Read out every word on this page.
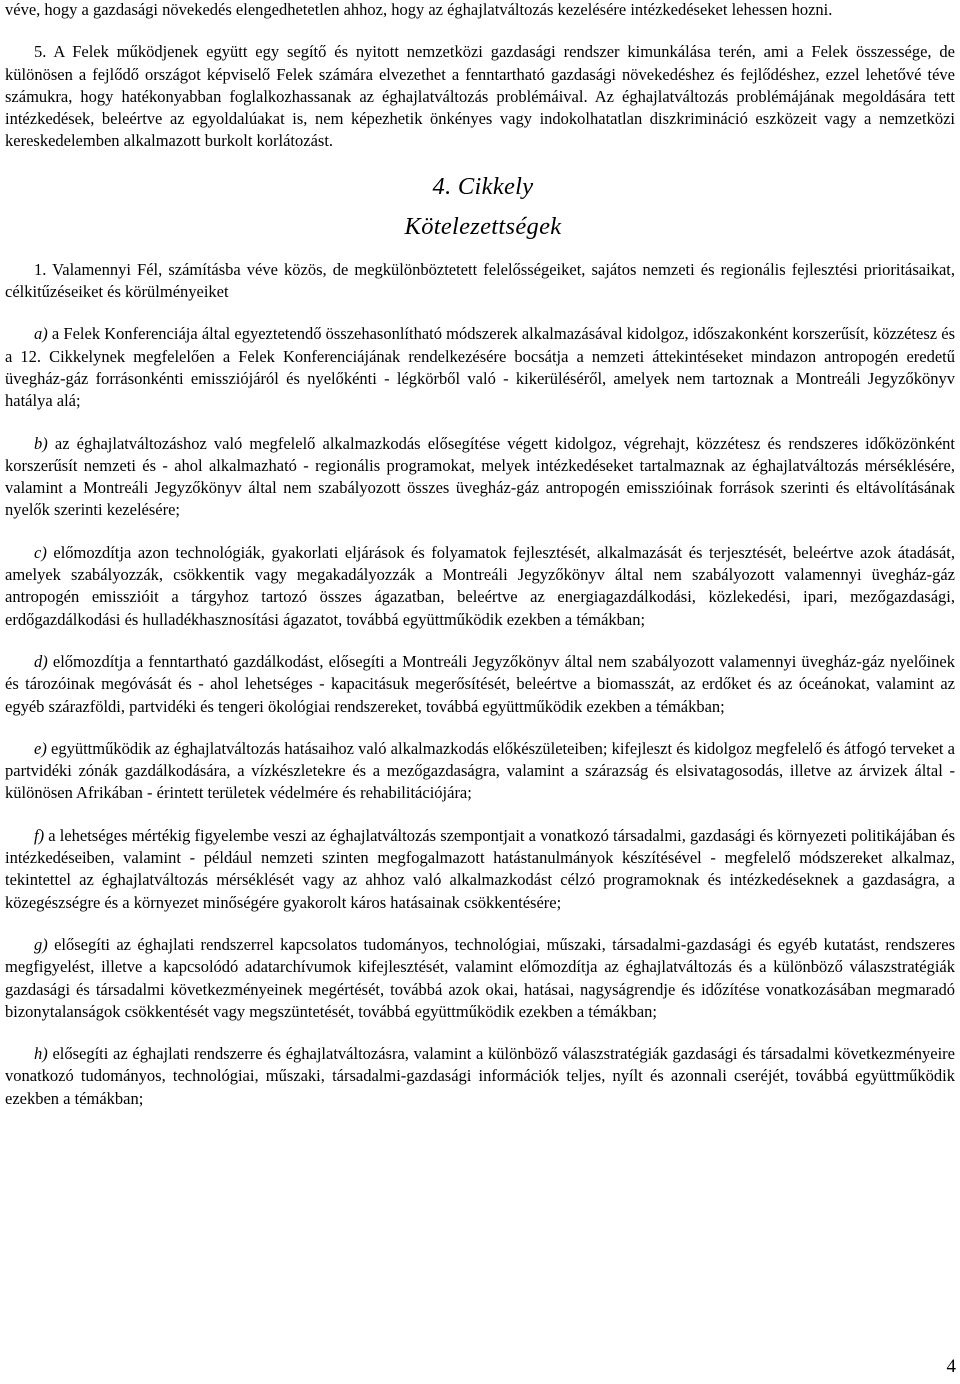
véve, hogy a gazdasági növekedés elengedhetetlen ahhoz, hogy az éghajlatváltozás kezelésére intézkedéseket lehessen hozni.

5. A Felek működjenek együtt egy segítő és nyitott nemzetközi gazdasági rendszer kimunkálása terén, ami a Felek összessége, de különösen a fejlődő országot képviselő Felek számára elvezethet a fenntartható gazdasági növekedéshez és fejlődéshez, ezzel lehetővé téve számukra, hogy hatékonyabban foglalkozhassanak az éghajlatváltozás problémáival. Az éghajlatváltozás problémájának megoldására tett intézkedések, beleértve az egyoldalúakat is, nem képezhetik önkényes vagy indokolhatatlan diszkrimináció eszközeit vagy a nemzetközi kereskedelemben alkalmazott burkolt korlátozást.

4. Cikkely
Kötelezettségek

1. Valamennyi Fél, számításba véve közös, de megkülönböztetett felelősségeiket, sajátos nemzeti és regionális fejlesztési prioritásaikat, célkitűzéseiket és körülményeiket

a) a Felek Konferenciája által egyeztetendő összehasonlítható módszerek alkalmazásával kidolgoz, időszakonként korszerűsít, közzétesz és a 12. Cikkelynek megfelelően a Felek Konferenciájának rendelkezésére bocsátja a nemzeti áttekintéseket mindazon antropogén eredetű üvegház-gáz forrásonkénti emissziójáról és nyelőkénti - légkörből való - kikerüléséről, amelyek nem tartoznak a Montreáli Jegyzőkönyv hatálya alá;

b) az éghajlatváltozáshoz való megfelelő alkalmazkodás elősegítése végett kidolgoz, végrehajt, közzétesz és rendszeres időközönként korszerűsít nemzeti és - ahol alkalmazható - regionális programokat, melyek intézkedéseket tartalmaznak az éghajlatváltozás mérséklésére, valamint a Montreáli Jegyzőkönyv által nem szabályozott összes üvegház-gáz antropogén emisszióinak források szerinti és eltávolításának nyelők szerinti kezelésére;

c) előmozdítja azon technológiák, gyakorlati eljárások és folyamatok fejlesztését, alkalmazását és terjesztését, beleértve azok átadását, amelyek szabályozzák, csökkentik vagy megakadályozzák a Montreáli Jegyzőkönyv által nem szabályozott valamennyi üvegház-gáz antropogén emisszióit a tárgyhoz tartozó összes ágazatban, beleértve az energiagazdálkodási, közlekedési, ipari, mezőgazdasági, erdőgazdálkodási és hulladékhasznosítási ágazatot, továbbá együttműködik ezekben a témákban;

d) előmozdítja a fenntartható gazdálkodást, elősegíti a Montreáli Jegyzőkönyv által nem szabályozott valamennyi üvegház-gáz nyelőinek és tározóinak megóvását és - ahol lehetséges - kapacitásuk megerősítését, beleértve a biomasszát, az erdőket és az óceánokat, valamint az egyéb szárazföldi, partvidéki és tengeri ökológiai rendszereket, továbbá együttműködik ezekben a témákban;

e) együttműködik az éghajlatváltozás hatásaihoz való alkalmazkodás előkészületeiben; kifejleszt és kidolgoz megfelelő és átfogó terveket a partvidéki zónák gazdálkodására, a vízkészletekre és a mezőgazdaságra, valamint a szárazság és elsivatagosodás, illetve az árvizek által - különösen Afrikában - érintett területek védelmére és rehabilitációjára;

f) a lehetséges mértékig figyelembe veszi az éghajlatváltozás szempontjait a vonatkozó társadalmi, gazdasági és környezeti politikájában és intézkedéseiben, valamint - például nemzeti szinten megfogalmazott hatástanulmányok készítésével - megfelelő módszereket alkalmaz, tekintettel az éghajlatváltozás mérséklését vagy az ahhoz való alkalmazkodást célzó programoknak és intézkedéseknek a gazdaságra, a közegészségre és a környezet minőségére gyakorolt káros hatásainak csökkentésére;

g) elősegíti az éghajlati rendszerrel kapcsolatos tudományos, technológiai, műszaki, társadalmi-gazdasági és egyéb kutatást, rendszeres megfigyelést, illetve a kapcsolódó adatarchívumok kifejlesztését, valamint előmozdítja az éghajlatváltozás és a különböző válaszstratégiák gazdasági és társadalmi következményeinek megértését, továbbá azok okai, hatásai, nagyságrendje és időzítése vonatkozásában megmaradó bizonytalanságok csökkentését vagy megszüntetését, továbbá együttműködik ezekben a témákban;

h) elősegíti az éghajlati rendszerre és éghajlatváltozásra, valamint a különböző válaszstratégiák gazdasági és társadalmi következményeire vonatkozó tudományos, technológiai, műszaki, társadalmi-gazdasági információk teljes, nyílt és azonnali cseréjét, továbbá együttműködik ezekben a témákban;

4
